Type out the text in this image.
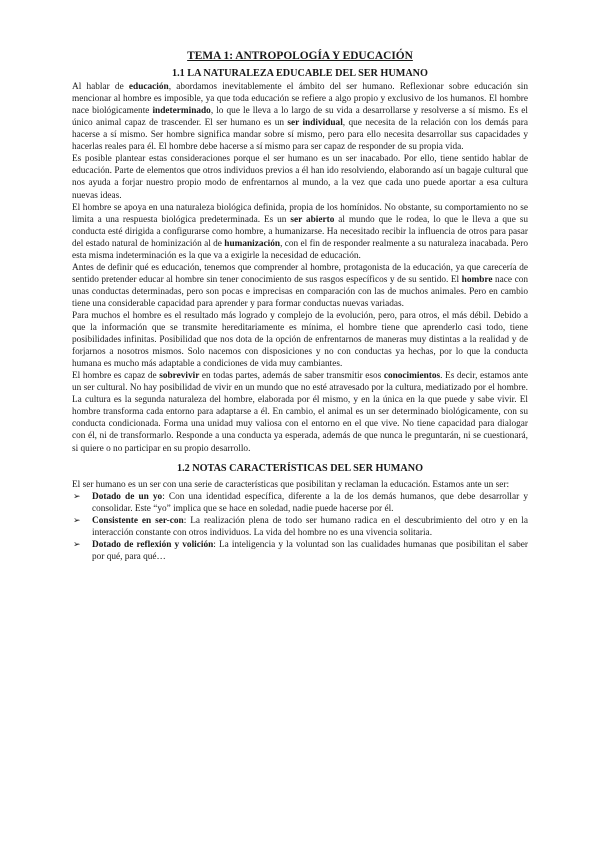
TEMA 1: ANTROPOLOGÍA Y EDUCACIÓN
1.1 LA NATURALEZA EDUCABLE DEL SER HUMANO

Al hablar de educación, abordamos inevitablemente el ámbito del ser humano. Reflexionar sobre educación sin mencionar al hombre es imposible, ya que toda educación se refiere a algo propio y exclusivo de los humanos. El hombre nace biológicamente indeterminado, lo que le lleva a lo largo de su vida a desarrollarse y resolverse a sí mismo. Es el único animal capaz de trascender. El ser humano es un ser individual, que necesita de la relación con los demás para hacerse a sí mismo. Ser hombre significa mandar sobre sí mismo, pero para ello necesita desarrollar sus capacidades y hacerlas reales para él. El hombre debe hacerse a sí mismo para ser capaz de responder de su propia vida.

Es posible plantear estas consideraciones porque el ser humano es un ser inacabado. Por ello, tiene sentido hablar de educación. Parte de elementos que otros individuos previos a él han ido resolviendo, elaborando así un bagaje cultural que nos ayuda a forjar nuestro propio modo de enfrentarnos al mundo, a la vez que cada uno puede aportar a esa cultura nuevas ideas.

El hombre se apoya en una naturaleza biológica definida, propia de los homínidos. No obstante, su comportamiento no se limita a una respuesta biológica predeterminada. Es un ser abierto al mundo que le rodea, lo que le lleva a que su conducta esté dirigida a configurarse como hombre, a humanizarse. Ha necesitado recibir la influencia de otros para pasar del estado natural de hominización al de humanización, con el fin de responder realmente a su naturaleza inacabada. Pero esta misma indeterminación es la que va a exigirle la necesidad de educación.

Antes de definir qué es educación, tenemos que comprender al hombre, protagonista de la educación, ya que carecería de sentido pretender educar al hombre sin tener conocimiento de sus rasgos específicos y de su sentido. El hombre nace con unas conductas determinadas, pero son pocas e imprecisas en comparación con las de muchos animales. Pero en cambio tiene una considerable capacidad para aprender y para formar conductas nuevas variadas.

Para muchos el hombre es el resultado más logrado y complejo de la evolución, pero, para otros, el más débil. Debido a que la información que se transmite hereditariamente es mínima, el hombre tiene que aprenderlo casi todo, tiene posibilidades infinitas. Posibilidad que nos dota de la opción de enfrentarnos de maneras muy distintas a la realidad y de forjarnos a nosotros mismos. Solo nacemos con disposiciones y no con conductas ya hechas, por lo que la conducta humana es mucho más adaptable a condiciones de vida muy cambiantes.

El hombre es capaz de sobrevivir en todas partes, además de saber transmitir esos conocimientos. Es decir, estamos ante un ser cultural. No hay posibilidad de vivir en un mundo que no esté atravesado por la cultura, mediatizado por el hombre. La cultura es la segunda naturaleza del hombre, elaborada por él mismo, y en la única en la que puede y sabe vivir. El hombre transforma cada entorno para adaptarse a él. En cambio, el animal es un ser determinado biológicamente, con su conducta condicionada. Forma una unidad muy valiosa con el entorno en el que vive. No tiene capacidad para dialogar con él, ni de transformarlo. Responde a una conducta ya esperada, además de que nunca le preguntarán, ni se cuestionará, si quiere o no participar en su propio desarrollo.

1.2 NOTAS CARACTERÍSTICAS DEL SER HUMANO

El ser humano es un ser con una serie de características que posibilitan y reclaman la educación. Estamos ante un ser:

➢ Dotado de un yo: Con una identidad específica, diferente a la de los demás humanos, que debe desarrollar y consolidar. Este “yo” implica que se hace en soledad, nadie puede hacerse por él.
➢ Consistente en ser-con: La realización plena de todo ser humano radica en el descubrimiento del otro y en la interacción constante con otros individuos. La vida del hombre no es una vivencia solitaria.
➢ Dotado de reflexión y volición: La inteligencia y la voluntad son las cualidades humanas que posibilitan el saber por qué, para qué…
